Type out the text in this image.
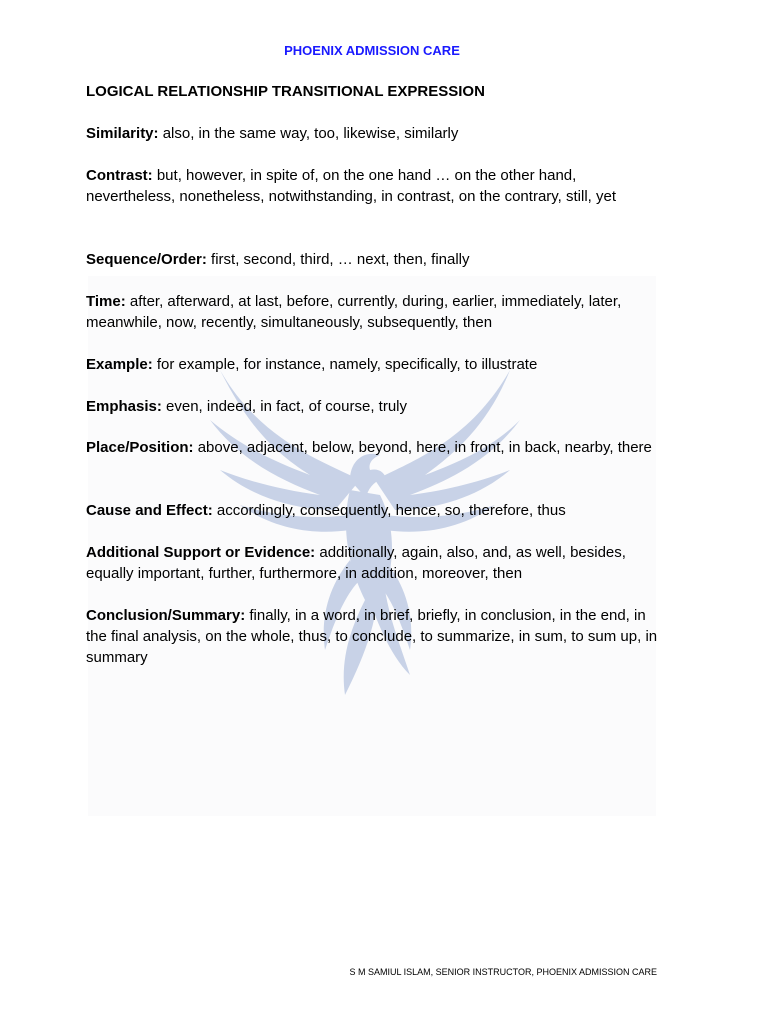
PHOENIX ADMISSION CARE
LOGICAL RELATIONSHIP TRANSITIONAL EXPRESSION

Similarity: also, in the same way, too, likewise, similarly

Contrast: but, however, in spite of, on the one hand … on the other hand, nevertheless, nonetheless, notwithstanding, in contrast, on the contrary, still, yet

Sequence/Order: first, second, third, … next, then, finally

Time: after, afterward, at last, before, currently, during, earlier, immediately, later, meanwhile, now, recently, simultaneously, subsequently, then

Example: for example, for instance, namely, specifically, to illustrate

Emphasis: even, indeed, in fact, of course, truly

Place/Position: above, adjacent, below, beyond, here, in front, in back, nearby, there

Cause and Effect: accordingly, consequently, hence, so, therefore, thus

Additional Support or Evidence: additionally, again, also, and, as well, besides, equally important, further, furthermore, in addition, moreover, then

Conclusion/Summary: finally, in a word, in brief, briefly, in conclusion, in the end, in the final analysis, on the whole, thus, to conclude, to summarize, in sum, to sum up, in summary

S M SAMIUL ISLAM, SENIOR INSTRUCTOR, PHOENIX ADMISSION CARE
